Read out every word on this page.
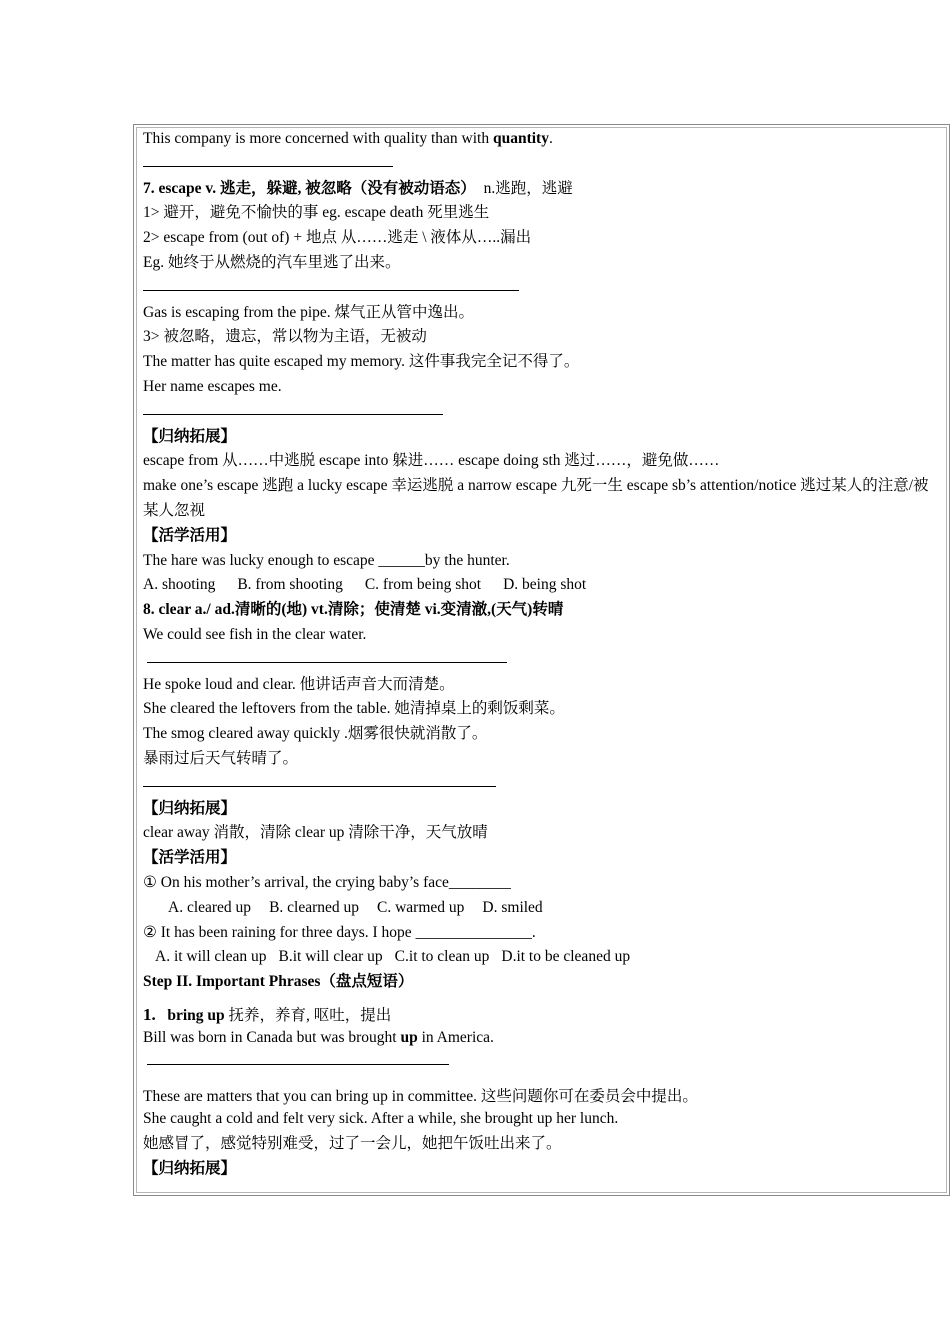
This company is more concerned with quality than with quantity.
7. escape v. 逃走，躲避, 被忽略（没有被动语态） n.逃跑，逃避
1> 避开，避免不愉快的事 eg. escape death 死里逃生
2> escape from (out of) + 地点 从……逃走 \ 液体从…..漏出
Eg. 她终于从燃烧的汽车里逃了出来。
Gas is escaping from the pipe. 煤气正从管中逸出。
3> 被忽略，遗忘，常以物为主语，无被动
The matter has quite escaped my memory. 这件事我完全记不得了。
Her name escapes me.
【归纳拓展】
escape from 从……中逃脱 escape into 躲进…… escape doing sth 逃过……，避免做……
make one’s escape 逃跑 a lucky escape 幸运逃脱 a narrow escape 九死一生 escape sb’s attention/notice 逃过某人的注意/被某人忽视
【活学活用】
The hare was lucky enough to escape ______by the hunter.
A. shooting B. from shooting C. from being shot D. being shot
8. clear a./ ad.清晰的(地) vt.清除；使清楚 vi.变清澈,(天气)转晴
We could see fish in the clear water.
He spoke loud and clear. 他讲话声音大而清楚。
She cleared the leftovers from the table. 她清掉桌上的剩饭剩菜。
The smog cleared away quickly .烟雾很快就消散了。
暴雨过后天气转晴了。
【归纳拓展】
clear away 消散，清除 clear up 清除干净，天气放晴
【活学活用】
① On his mother’s arrival, the crying baby’s face________
A. cleared up B. clearned up C. warmed up D. smiled
② It has been raining for three days. I hope _______________.
A. it will clean up B.it will clear up C.it to clean up D.it to be cleaned up
Step II. Important Phrases（盘点短语）
1. bring up 抚养，养育, 呕吐，提出
Bill was born in Canada but was brought up in America.
These are matters that you can bring up in committee. 这些问题你可在委员会中提出。
She caught a cold and felt very sick. After a while, she brought up her lunch.
她感冒了，感觉特别难受，过了一会儿，她把午饭吐出来了。
【归纳拓展】
